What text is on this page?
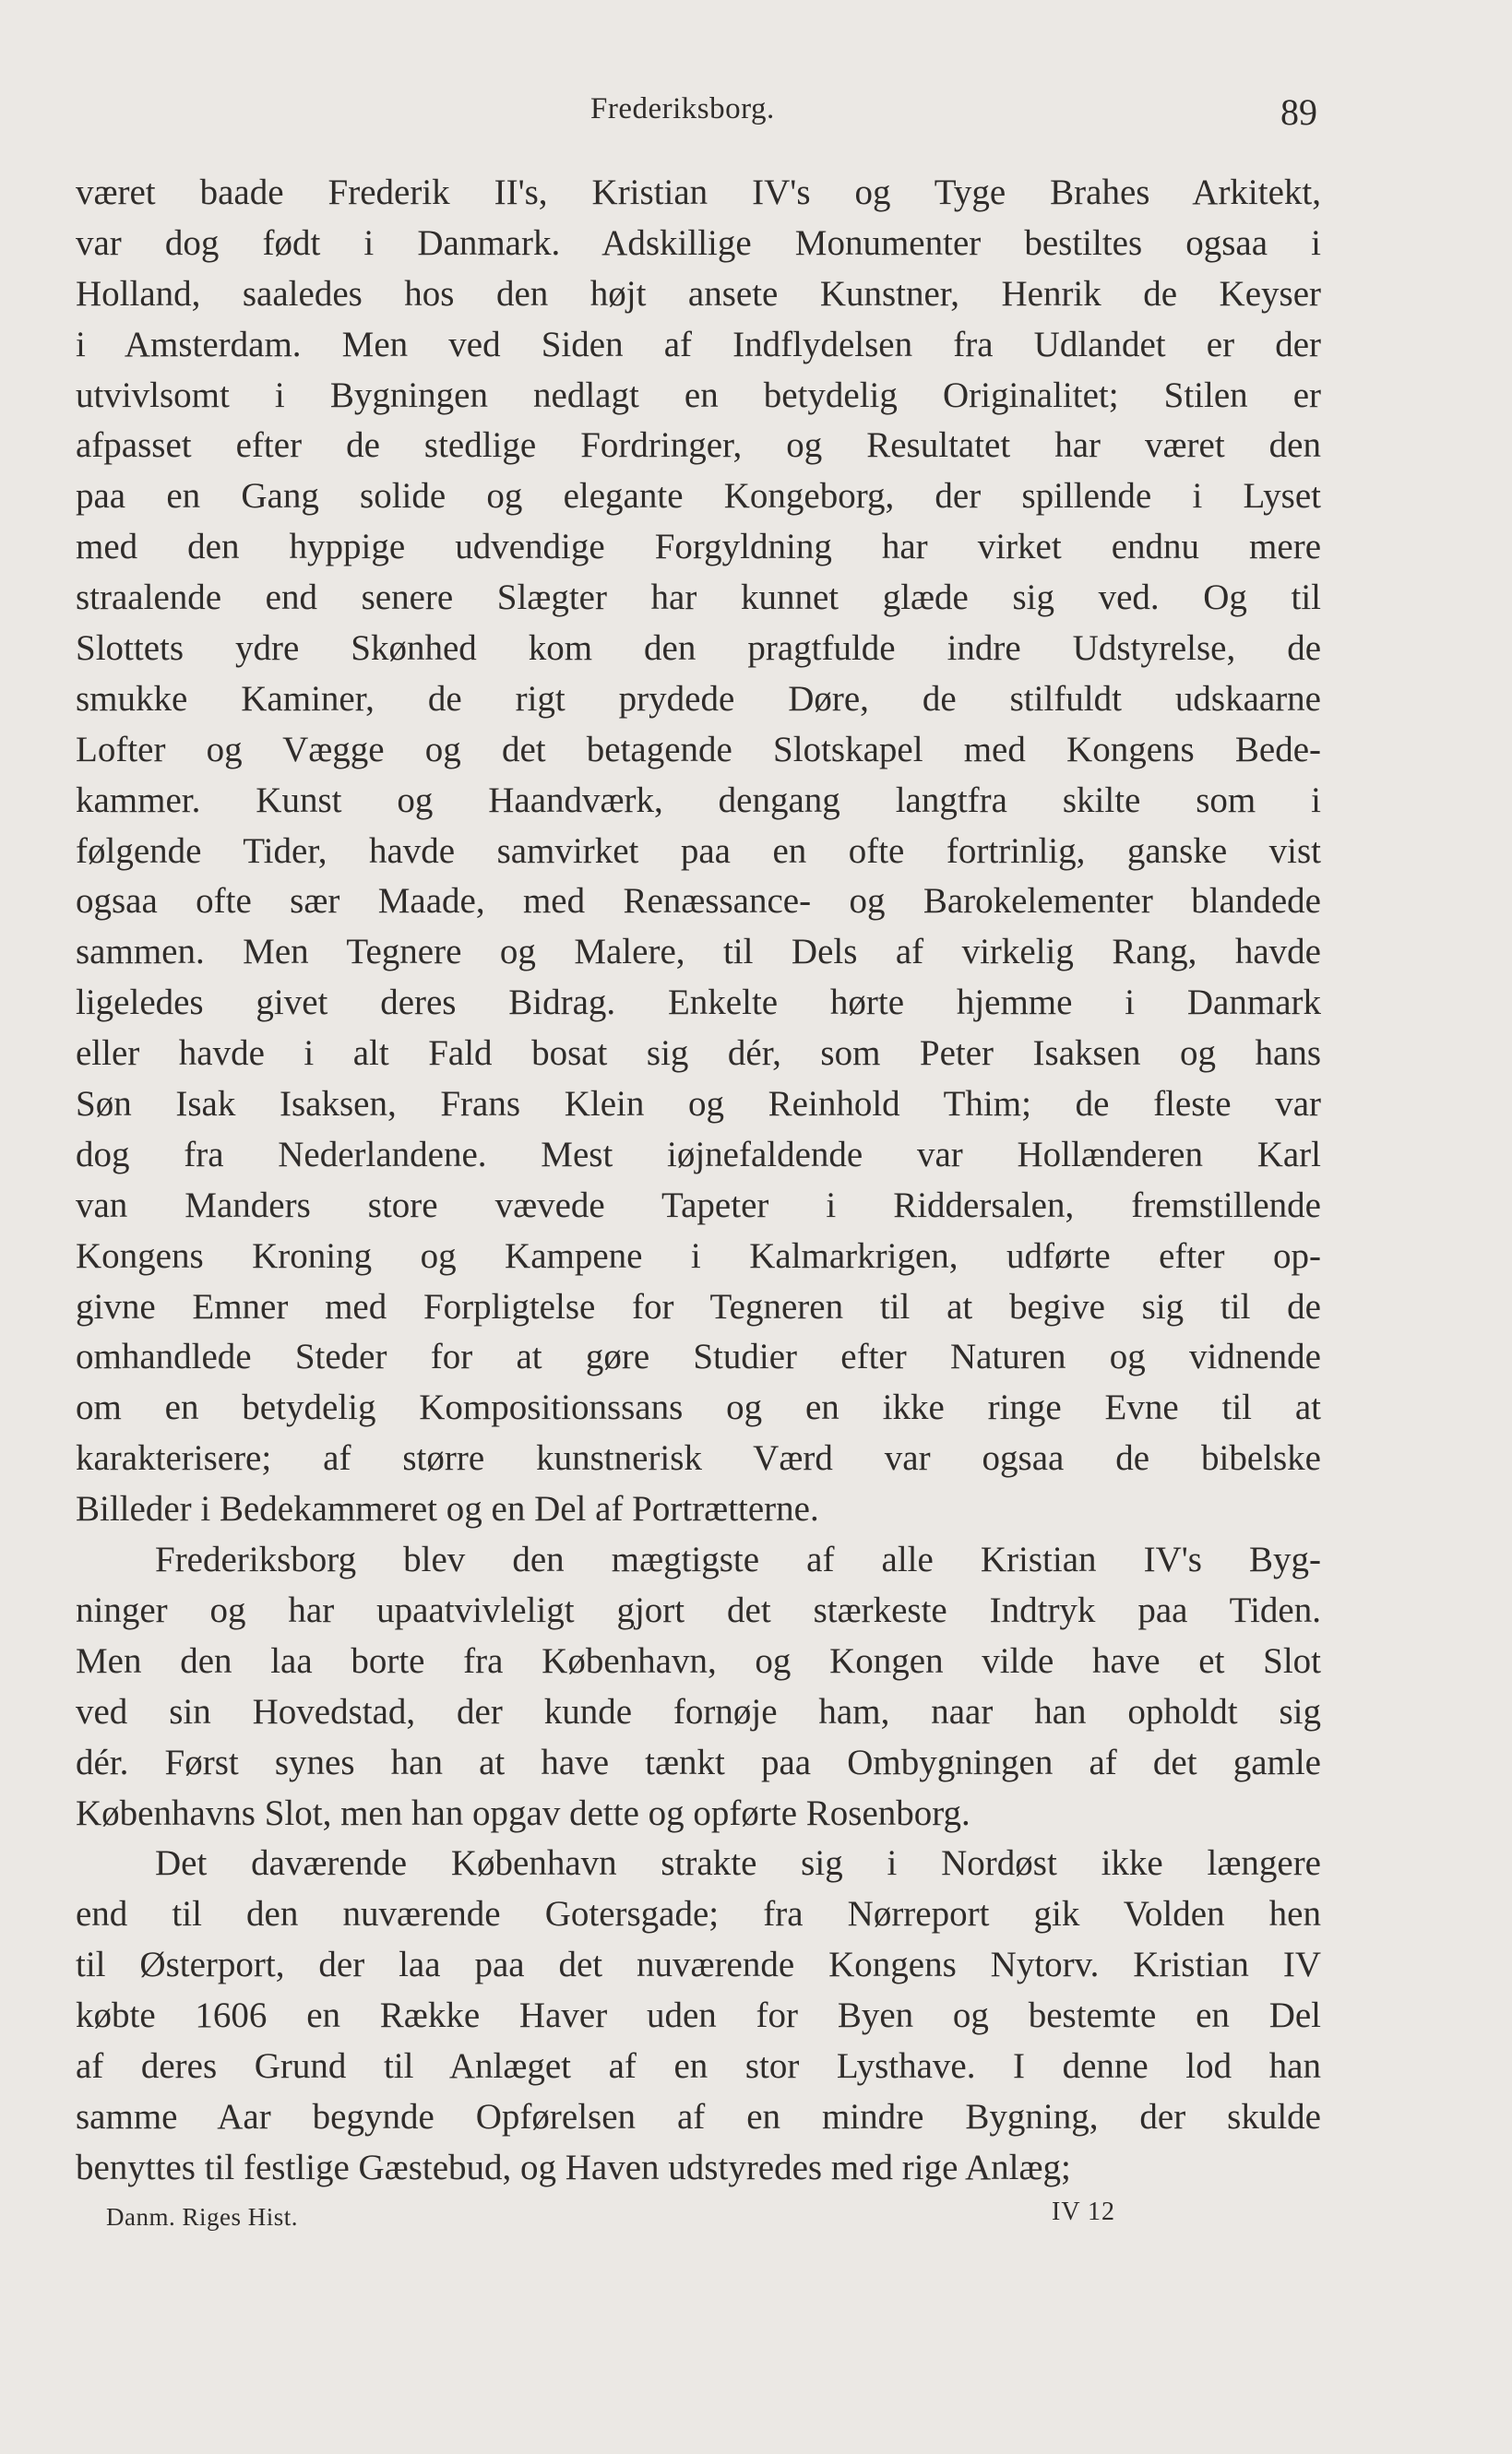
Frederiksborg.	89
været baade Frederik II's, Kristian IV's og Tyge Brahes Arkitekt,
var dog født i Danmark. Adskillige Monumenter bestiltes ogsaa i
Holland, saaledes hos den højt ansete Kunstner, Henrik de Keyser
i Amsterdam. Men ved Siden af Indflydelsen fra Udlandet er der
utvivlsomt i Bygningen nedlagt en betydelig Originalitet; Stilen er
afpasset efter de stedlige Fordringer, og Resultatet har været den
paa en Gang solide og elegante Kongeborg, der spillende i Lyset
med den hyppige udvendige Forgyldning har virket endnu mere
straalende end senere Slægter har kunnet glæde sig ved. Og til
Slottets ydre Skønhed kom den pragtfulde indre Udstyrelse, de
smukke Kaminer, de rigt prydede Døre, de stilfuldt udskaarne
Lofter og Vægge og det betagende Slotskapel med Kongens Bede-
kammer. Kunst og Haandværk, dengang langtfra skilte som i
følgende Tider, havde samvirket paa en ofte fortrinlig, ganske vist
ogsaa ofte sær Maade, med Renæssance- og Barokelementer blandede
sammen. Men Tegnere og Malere, til Dels af virkelig Rang, havde
ligeledes givet deres Bidrag. Enkelte hørte hjemme i Danmark
eller havde i alt Fald bosat sig dér, som Peter Isaksen og hans
Søn Isak Isaksen, Frans Klein og Reinhold Thim; de fleste var
dog fra Nederlandene. Mest iøjnefaldende var Hollænderen Karl
van Manders store vævede Tapeter i Riddersalen, fremstillende
Kongens Kroning og Kampene i Kalmarkrigen, udførte efter op-
givne Emner med Forpligtelse for Tegneren til at begive sig til de
omhandlede Steder for at gøre Studier efter Naturen og vidnende
om en betydelig Kompositionssans og en ikke ringe Evne til at
karakterisere; af større kunstnerisk Værd var ogsaa de bibelske
Billeder i Bedekammeret og en Del af Portrætterne.
Frederiksborg blev den mægtigste af alle Kristian IV's Byg-
ninger og har upaatvivleligt gjort det stærkeste Indtryk paa Tiden.
Men den laa borte fra København, og Kongen vilde have et Slot
ved sin Hovedstad, der kunde fornøje ham, naar han opholdt sig
dér. Først synes han at have tænkt paa Ombygningen af det gamle
Københavns Slot, men han opgav dette og opførte Rosenborg.
Det daværende København strakte sig i Nordøst ikke længere
end til den nuværende Gotersgade; fra Nørreport gik Volden hen
til Østerport, der laa paa det nuværende Kongens Nytorv. Kristian IV
købte 1606 en Række Haver uden for Byen og bestemte en Del
af deres Grund til Anlæget af en stor Lysthave. I denne lod han
samme Aar begynde Opførelsen af en mindre Bygning, der skulde
benyttes til festlige Gæstebud, og Haven udstyredes med rige Anlæg;
Danm. Riges Hist.	IV 12
